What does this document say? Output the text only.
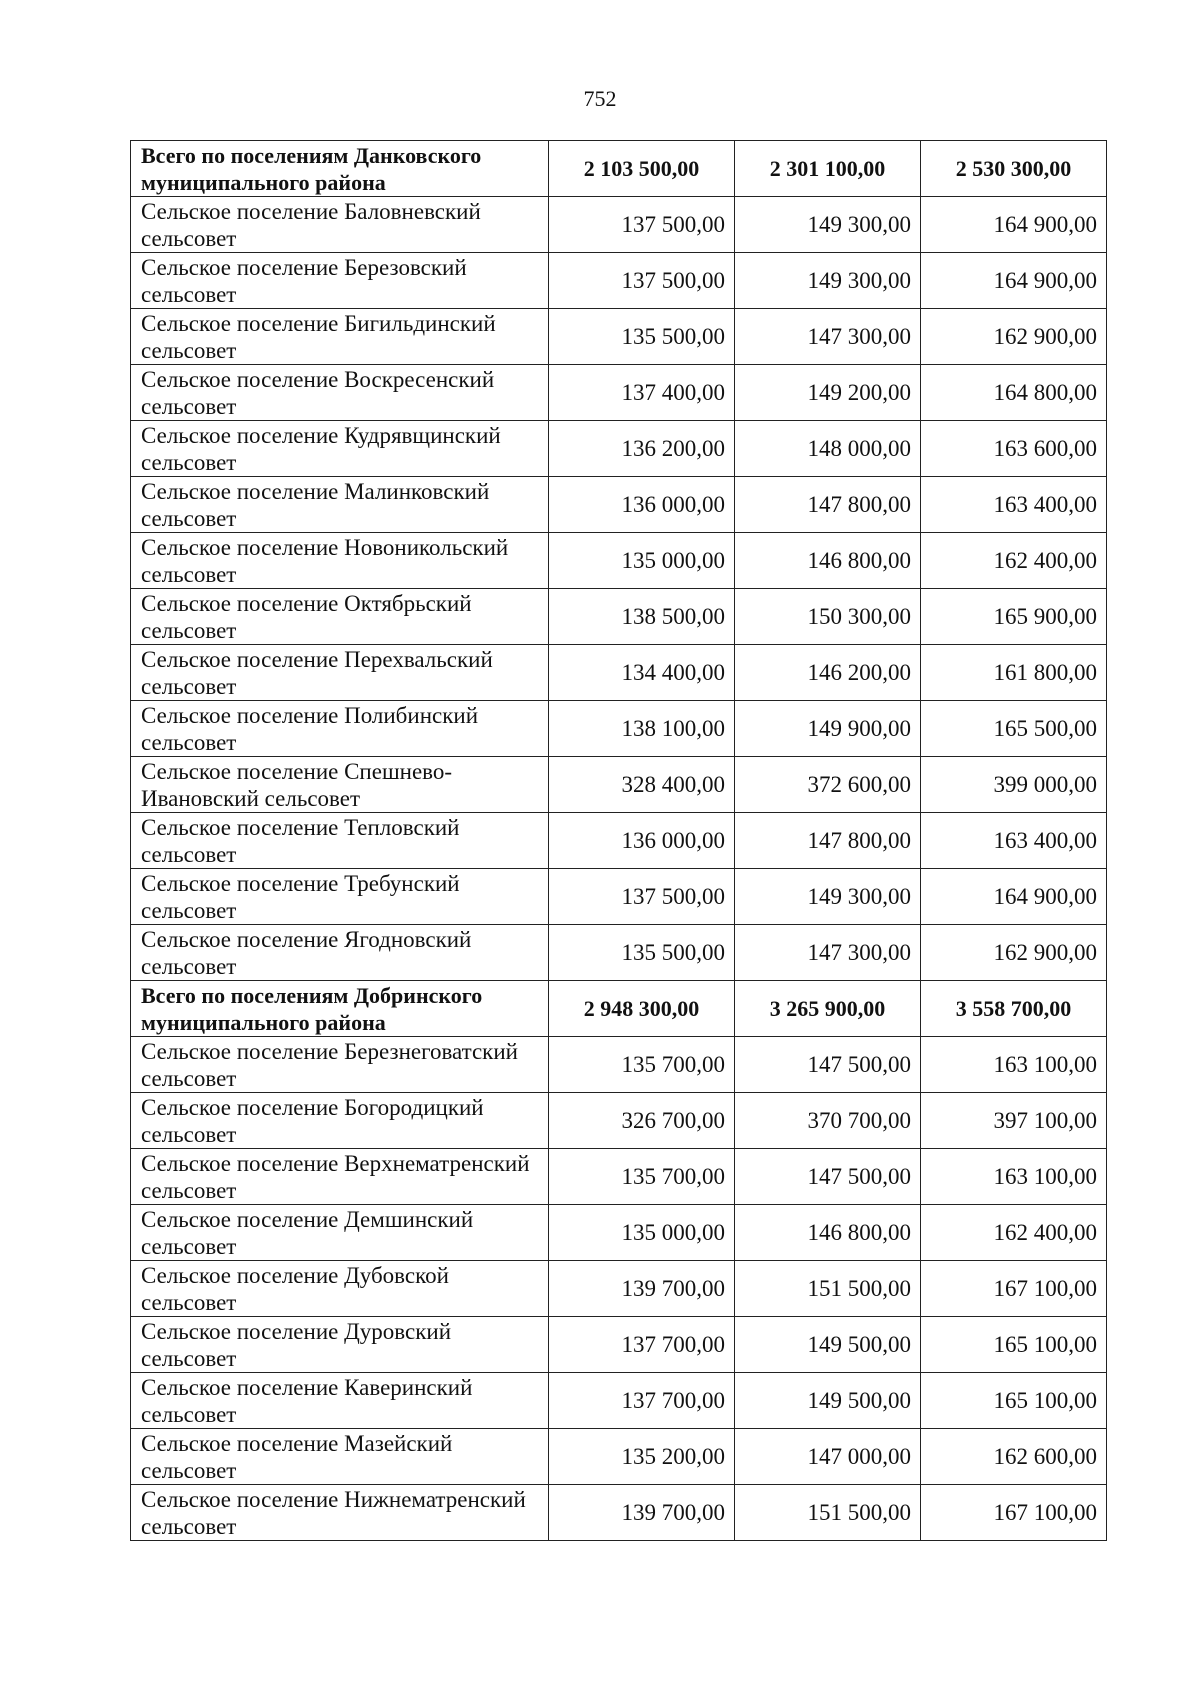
752
Всего по поселениям Данковского муниципального района	2 103 500,00	2 301 100,00	2 530 300,00
Сельское поселение Баловневский сельсовет	137 500,00	149 300,00	164 900,00
Сельское поселение Березовский сельсовет	137 500,00	149 300,00	164 900,00
Сельское поселение Бигильдинский сельсовет	135 500,00	147 300,00	162 900,00
Сельское поселение Воскресенский сельсовет	137 400,00	149 200,00	164 800,00
Сельское поселение Кудрявщинский сельсовет	136 200,00	148 000,00	163 600,00
Сельское поселение Малинковский сельсовет	136 000,00	147 800,00	163 400,00
Сельское поселение Новоникольский сельсовет	135 000,00	146 800,00	162 400,00
Сельское поселение Октябрьский сельсовет	138 500,00	150 300,00	165 900,00
Сельское поселение Перехвальский сельсовет	134 400,00	146 200,00	161 800,00
Сельское поселение Полибинский сельсовет	138 100,00	149 900,00	165 500,00
Сельское поселение Спешнево-Ивановский сельсовет	328 400,00	372 600,00	399 000,00
Сельское поселение Тепловский сельсовет	136 000,00	147 800,00	163 400,00
Сельское поселение Требунский сельсовет	137 500,00	149 300,00	164 900,00
Сельское поселение Ягодновский сельсовет	135 500,00	147 300,00	162 900,00
Всего по поселениям Добринского муниципального района	2 948 300,00	3 265 900,00	3 558 700,00
Сельское поселение Березнеговатский сельсовет	135 700,00	147 500,00	163 100,00
Сельское поселение Богородицкий сельсовет	326 700,00	370 700,00	397 100,00
Сельское поселение Верхнематренский сельсовет	135 700,00	147 500,00	163 100,00
Сельское поселение Демшинский сельсовет	135 000,00	146 800,00	162 400,00
Сельское поселение Дубовской сельсовет	139 700,00	151 500,00	167 100,00
Сельское поселение Дуровский сельсовет	137 700,00	149 500,00	165 100,00
Сельское поселение Каверинский сельсовет	137 700,00	149 500,00	165 100,00
Сельское поселение Мазейский сельсовет	135 200,00	147 000,00	162 600,00
Сельское поселение Нижнематренский сельсовет	139 700,00	151 500,00	167 100,00
